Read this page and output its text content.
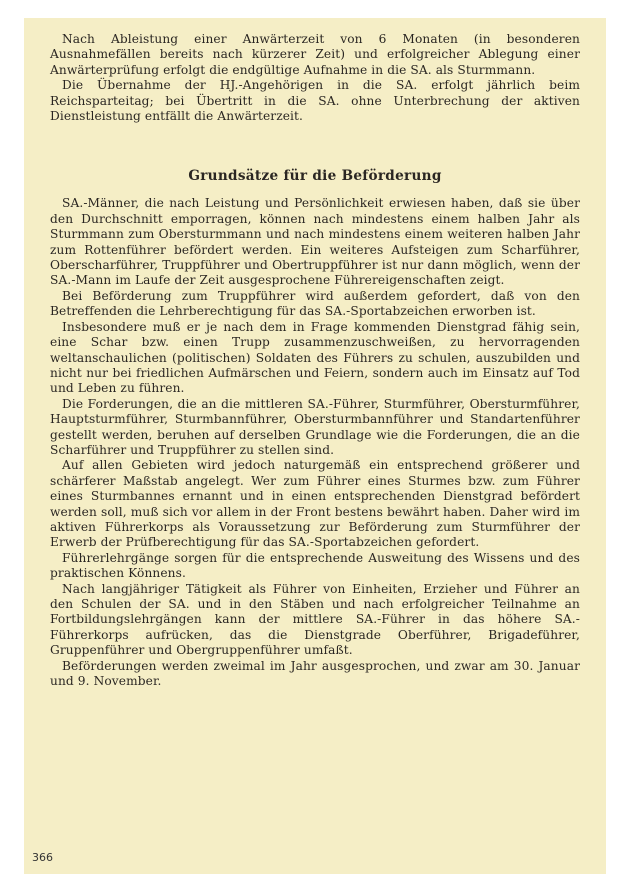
Nach Ableistung einer Anwärterzeit von 6 Monaten (in besonderen Ausnahmefällen bereits nach kürzerer Zeit) und erfolgreicher Ablegung einer Anwärterprüfung erfolgt die endgültige Aufnahme in die SA. als Sturmmann.

Die Übernahme der HJ.-Angehörigen in die SA. erfolgt jährlich beim Reichsparteitag; bei Übertritt in die SA. ohne Unterbrechung der aktiven Dienstleistung entfällt die Anwärterzeit.

Grundsätze für die Beförderung

SA.-Männer, die nach Leistung und Persönlichkeit erwiesen haben, daß sie über den Durchschnitt emporragen, können nach mindestens einem halben Jahr als Sturmmann zum Obersturmmann und nach mindestens einem weiteren halben Jahr zum Rottenführer befördert werden. Ein weiteres Aufsteigen zum Scharführer, Oberscharführer, Truppführer und Obertruppführer ist nur dann möglich, wenn der SA.-Mann im Laufe der Zeit ausgesprochene Führereigenschaften zeigt.

Bei Beförderung zum Truppführer wird außerdem gefordert, daß von den Betreffenden die Lehrberechtigung für das SA.-Sportabzeichen erworben ist.

Insbesondere muß er je nach dem in Frage kommenden Dienstgrad fähig sein, eine Schar bzw. einen Trupp zusammenzuschweißen, zu hervorragenden weltanschaulichen (politischen) Soldaten des Führers zu schulen, auszubilden und nicht nur bei friedlichen Aufmärschen und Feiern, sondern auch im Einsatz auf Tod und Leben zu führen.

Die Forderungen, die an die mittleren SA.-Führer, Sturmführer, Obersturmführer, Hauptsturmführer, Sturmbannführer, Obersturmbannführer und Standartenführer gestellt werden, beruhen auf derselben Grundlage wie die Forderungen, die an die Scharführer und Truppführer zu stellen sind.

Auf allen Gebieten wird jedoch naturgemäß ein entsprechend größerer und schärferer Maßstab angelegt. Wer zum Führer eines Sturmes bzw. zum Führer eines Sturmbannes ernannt und in einen entsprechenden Dienstgrad befördert werden soll, muß sich vor allem in der Front bestens bewährt haben. Daher wird im aktiven Führerkorps als Voraussetzung zur Beförderung zum Sturmführer der Erwerb der Prüfberechtigung für das SA.-Sportabzeichen gefordert.

Führerlehrgänge sorgen für die entsprechende Ausweitung des Wissens und des praktischen Könnens.

Nach langjähriger Tätigkeit als Führer von Einheiten, Erzieher und Führer an den Schulen der SA. und in den Stäben und nach erfolgreicher Teilnahme an Fortbildungslehrgängen kann der mittlere SA.-Führer in das höhere SA.-Führerkorps aufrücken, das die Dienstgrade Oberführer, Brigadeführer, Gruppenführer und Obergruppenführer umfaßt.

Beförderungen werden zweimal im Jahr ausgesprochen, und zwar am 30. Januar und 9. November.

366
